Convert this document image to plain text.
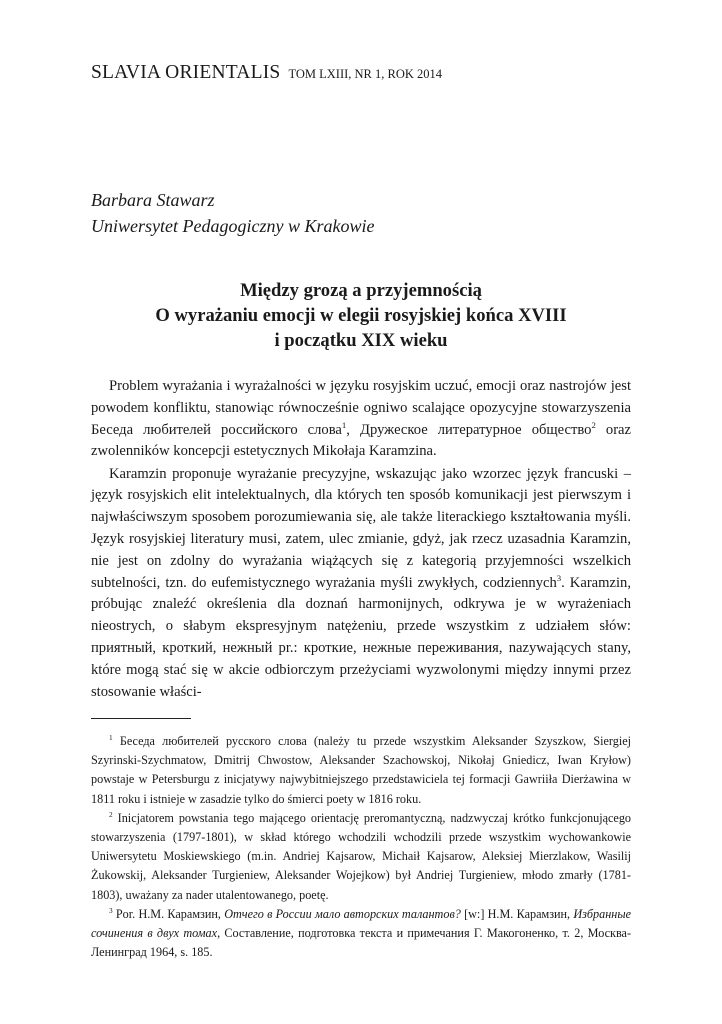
SLAVIA ORIENTALIS TOM LXIII, NR 1, ROK 2014
Barbara Stawarz
Uniwersytet Pedagogiczny w Krakowie
Między grozą a przyjemnością
O wyrażaniu emocji w elegii rosyjskiej końca XVIII
i początku XIX wieku

Problem wyrażania i wyrażalności w języku rosyjskim uczuć, emocji oraz nastrojów jest powodem konfliktu, stanowiąc równocześnie ogniwo scalające opozycyjne stowarzyszenia Беседа любителей российского слова$^1$, Дружеское литературное общество$^2$ oraz zwolenników koncepcji estetycznych Mikołaja Karamzina.

Karamzin proponuje wyrażanie precyzyjne, wskazując jako wzorzec język francuski – język rosyjskich elit intelektualnych, dla których ten sposób komunikacji jest pierwszym i najwłaściwszym sposobem porozumiewania się, ale także literackiego kształtowania myśli. Język rosyjskiej literatury musi, zatem, ulec zmianie, gdyż, jak rzecz uzasadnia Karamzin, nie jest on zdolny do wyrażania wiążących się z kategorią przyjemności wszelkich subtelności, tzn. do eufemistycznego wyrażania myśli zwykłych, codziennych$^3$. Karamzin, próbując znaleźć określenia dla doznań harmonijnych, odkrywa je w wyrażeniach nieostrych, o słabym ekspresyjnym natężeniu, przede wszystkim z udziałem słów: приятный, кроткий, нежный pr.: кроткие, нежные переживания, nazywających stany, które mogą stać się w akcie odbiorczym przeżyciami wyzwolonymi między innymi przez stosowanie właści-

$^1$ Беседа любителей русского слова (należy tu przede wszystkim Aleksander Szyszkow, Siergiej Szyrinski-Szychmatow, Dmitrij Chwostow, Aleksander Szachowskoj, Nikołaj Gniedicz, Iwan Kryłow) powstaje w Petersburgu z inicjatywy najwybitniejszego przedstawiciela tej formacji Gawriiła Dierżawina w 1811 roku i istnieje w zasadzie tylko do śmierci poety w 1816 roku.

$^2$ Inicjatorem powstania tego mającego orientację preromantyczną, nadzwyczaj krótko funkcjonującego stowarzyszenia (1797-1801), w skład którego wchodzili wchodzili przede wszystkim wychowankowie Uniwersytetu Moskiewskiego (m.in. Andriej Kajsarow, Michaił Kajsarow, Aleksiej Mierzlakow, Wasilij Żukowskij, Aleksander Turgieniew, Aleksander Wojejkow) był Andriej Turgieniew, młodo zmarły (1781-1803), uważany za nader utalentowanego, poetę.

$^3$ Por. Н.М. Карамзин, Отчего в России мало авторских талантов? [w:] Н.М. Карамзин, Избранные сочинения в двух томах, Составление, подготовка текста и примечания Г. Макогоненко, т. 2, Москва-Ленинград 1964, s. 185.
